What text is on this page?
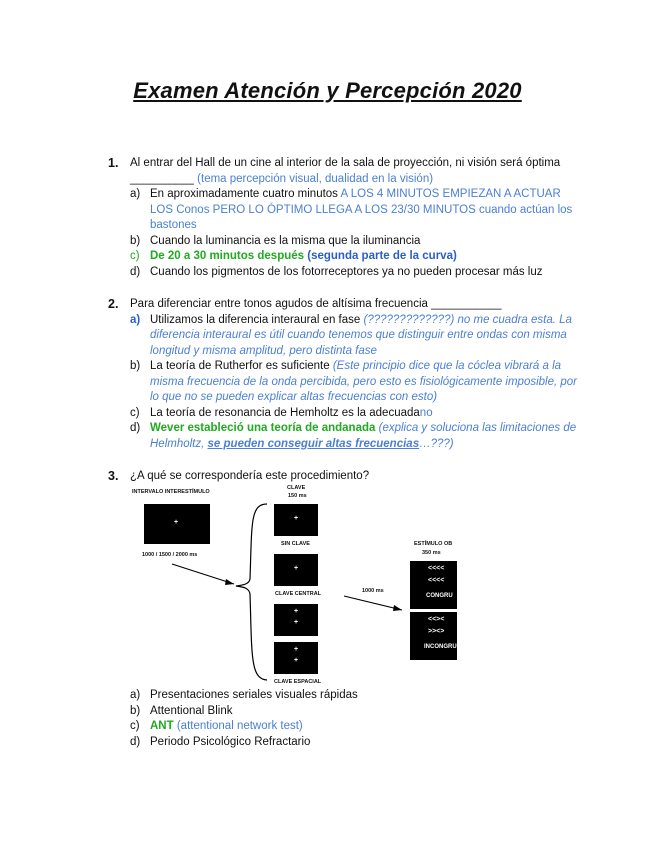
Examen Atención y Percepción 2020
1. Al entrar del Hall de un cine al interior de la sala de proyección, ni visión será óptima
__________ (tema percepción visual, dualidad en la visión)
a) En aproximadamente cuatro minutos A LOS 4 MINUTOS EMPIEZAN A ACTUAR LOS Conos PERO LO ÓPTIMO LLEGA A LOS 23/30 MINUTOS cuando actúan los bastones
b) Cuando la luminancia es la misma que la iluminancia
c) De 20 a 30 minutos después (segunda parte de la curva)
d) Cuando los pigmentos de los fotorreceptores ya no pueden procesar más luz
2. Para diferenciar entre tonos agudos de altísima frecuencia ___________
a) Utilizamos la diferencia interaural en fase (?????????????) no me cuadra esta. La diferencia interaural es útil cuando tenemos que distinguir entre ondas con misma longitud y misma amplitud, pero distinta fase
b) La teoría de Rutherfor es suficiente (Este principio dice que la cóclea vibrará a la misma frecuencia de la onda percibida, pero esto es fisiológicamente imposible, por lo que no se pueden explicar altas frecuencias con esto)
c) La teoría de resonancia de Hemholtz es la adecuadano
d) Wever estableció una teoría de andanada (explica y soluciona las limitaciones de Helmholtz, se pueden conseguir altas frecuencias…???)
3. ¿A qué se correspondería este procedimiento?
INTERVALO INTERESTÍMULO
+
1000 / 1500 / 2000 ms
CLAVE
150 ms
+
SIN CLAVE
+
CLAVE CENTRAL
+
+
+
+
CLAVE ESPACIAL
1000 ms
ESTÍMULO OB
350 ms
<<<<
<<<<
CONGRU
<<><
>><>
INCONGRU
a) Presentaciones seriales visuales rápidas
b) Attentional Blink
c) ANT (attentional network test)
d) Periodo Psicológico Refractario
